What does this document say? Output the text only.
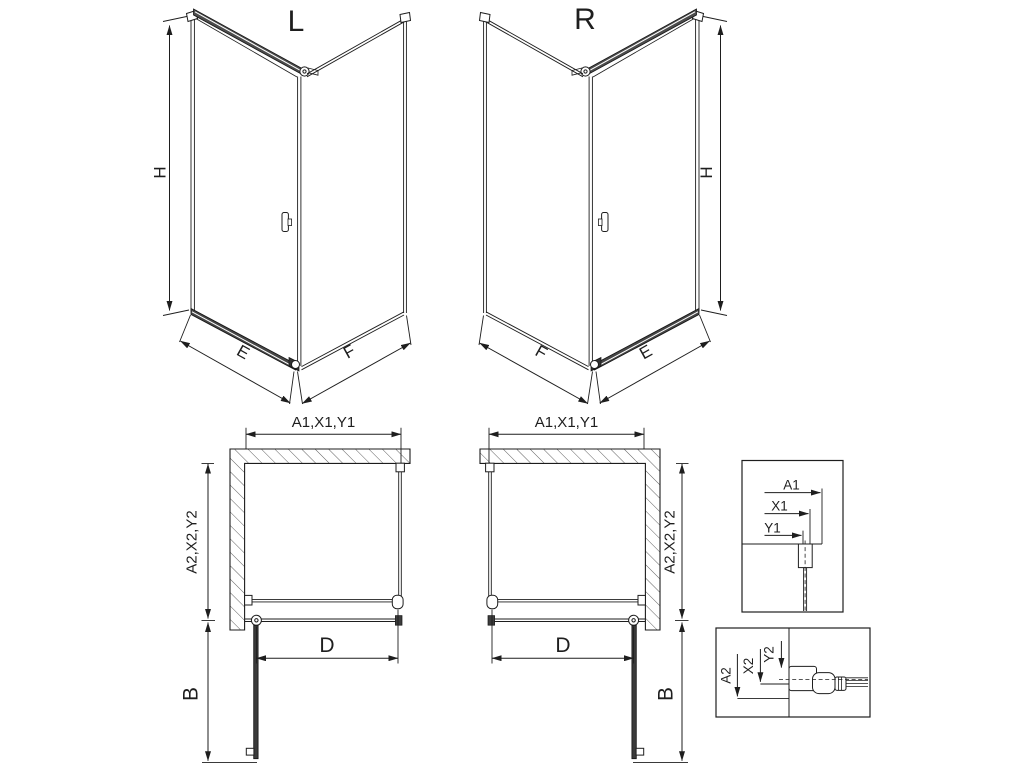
L	R
H
E	F
H
E
F
A1,X1,Y1
A2,X2,Y2
D
B
A1,X1,Y1
A2,X2,Y2
D
B
A1
X1
Y1
A2
X2
Y2
